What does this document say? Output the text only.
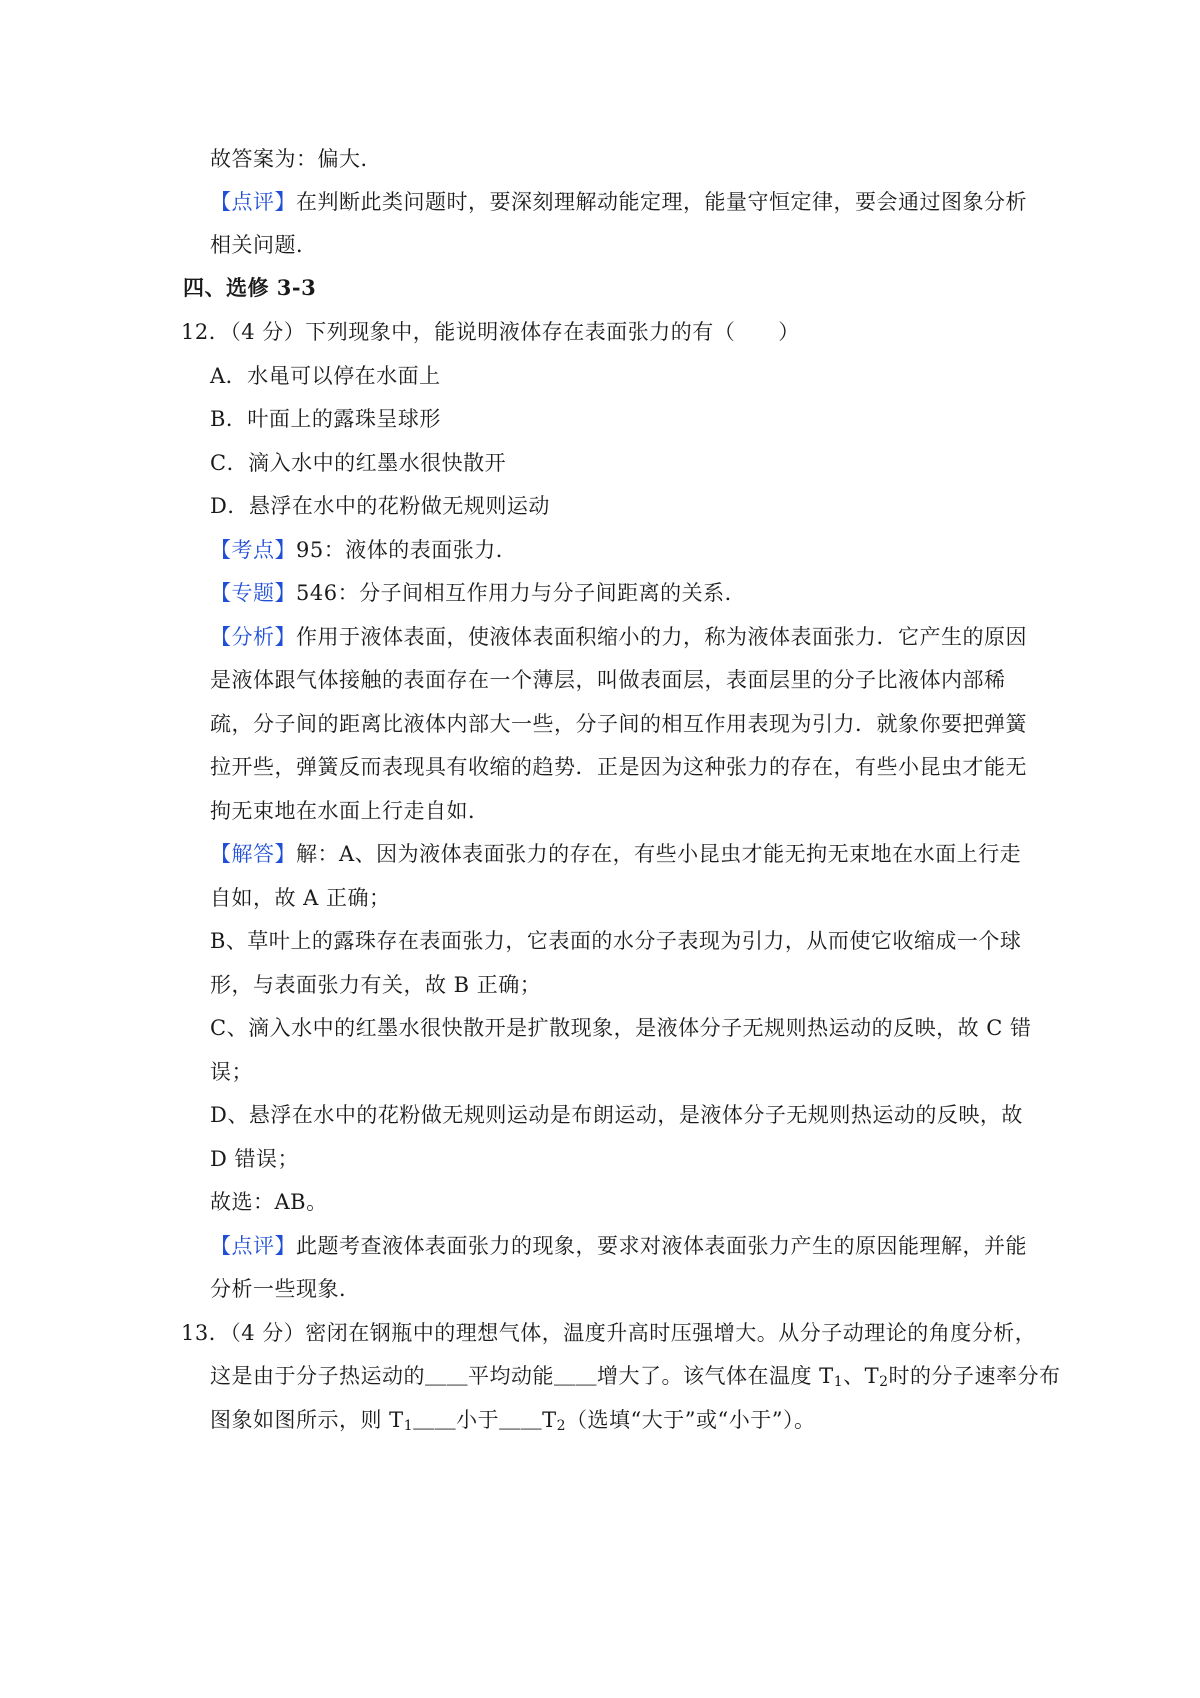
故答案为：偏大．
【点评】在判断此类问题时，要深刻理解动能定理，能量守恒定律，要会通过图象分析
相关问题．
四、选修 3-3
12．（4 分）下列现象中，能说明液体存在表面张力的有（　　）
A．水黾可以停在水面上
B．叶面上的露珠呈球形
C．滴入水中的红墨水很快散开
D．悬浮在水中的花粉做无规则运动
【考点】95：液体的表面张力．
【专题】546：分子间相互作用力与分子间距离的关系．
【分析】作用于液体表面，使液体表面积缩小的力，称为液体表面张力．它产生的原因
是液体跟气体接触的表面存在一个薄层，叫做表面层，表面层里的分子比液体内部稀
疏，分子间的距离比液体内部大一些，分子间的相互作用表现为引力．就象你要把弹簧
拉开些，弹簧反而表现具有收缩的趋势．正是因为这种张力的存在，有些小昆虫才能无
拘无束地在水面上行走自如．
【解答】解：A、因为液体表面张力的存在，有些小昆虫才能无拘无束地在水面上行走
自如，故 A 正确；
B、草叶上的露珠存在表面张力，它表面的水分子表现为引力，从而使它收缩成一个球
形，与表面张力有关，故 B 正确；
C、滴入水中的红墨水很快散开是扩散现象，是液体分子无规则热运动的反映，故 C 错
误；
D、悬浮在水中的花粉做无规则运动是布朗运动，是液体分子无规则热运动的反映，故
D 错误；
故选：AB。
【点评】此题考查液体表面张力的现象，要求对液体表面张力产生的原因能理解，并能
分析一些现象．
13．（4 分）密闭在钢瓶中的理想气体，温度升高时压强增大。从分子动理论的角度分析，
这是由于分子热运动的＿＿平均动能＿＿增大了。该气体在温度 $T_1$、$T_2$时的分子速率分布
图象如图所示，则 $T_1\_\_$小于$\_\_T_2$（选填“大于”或“小于”）。
